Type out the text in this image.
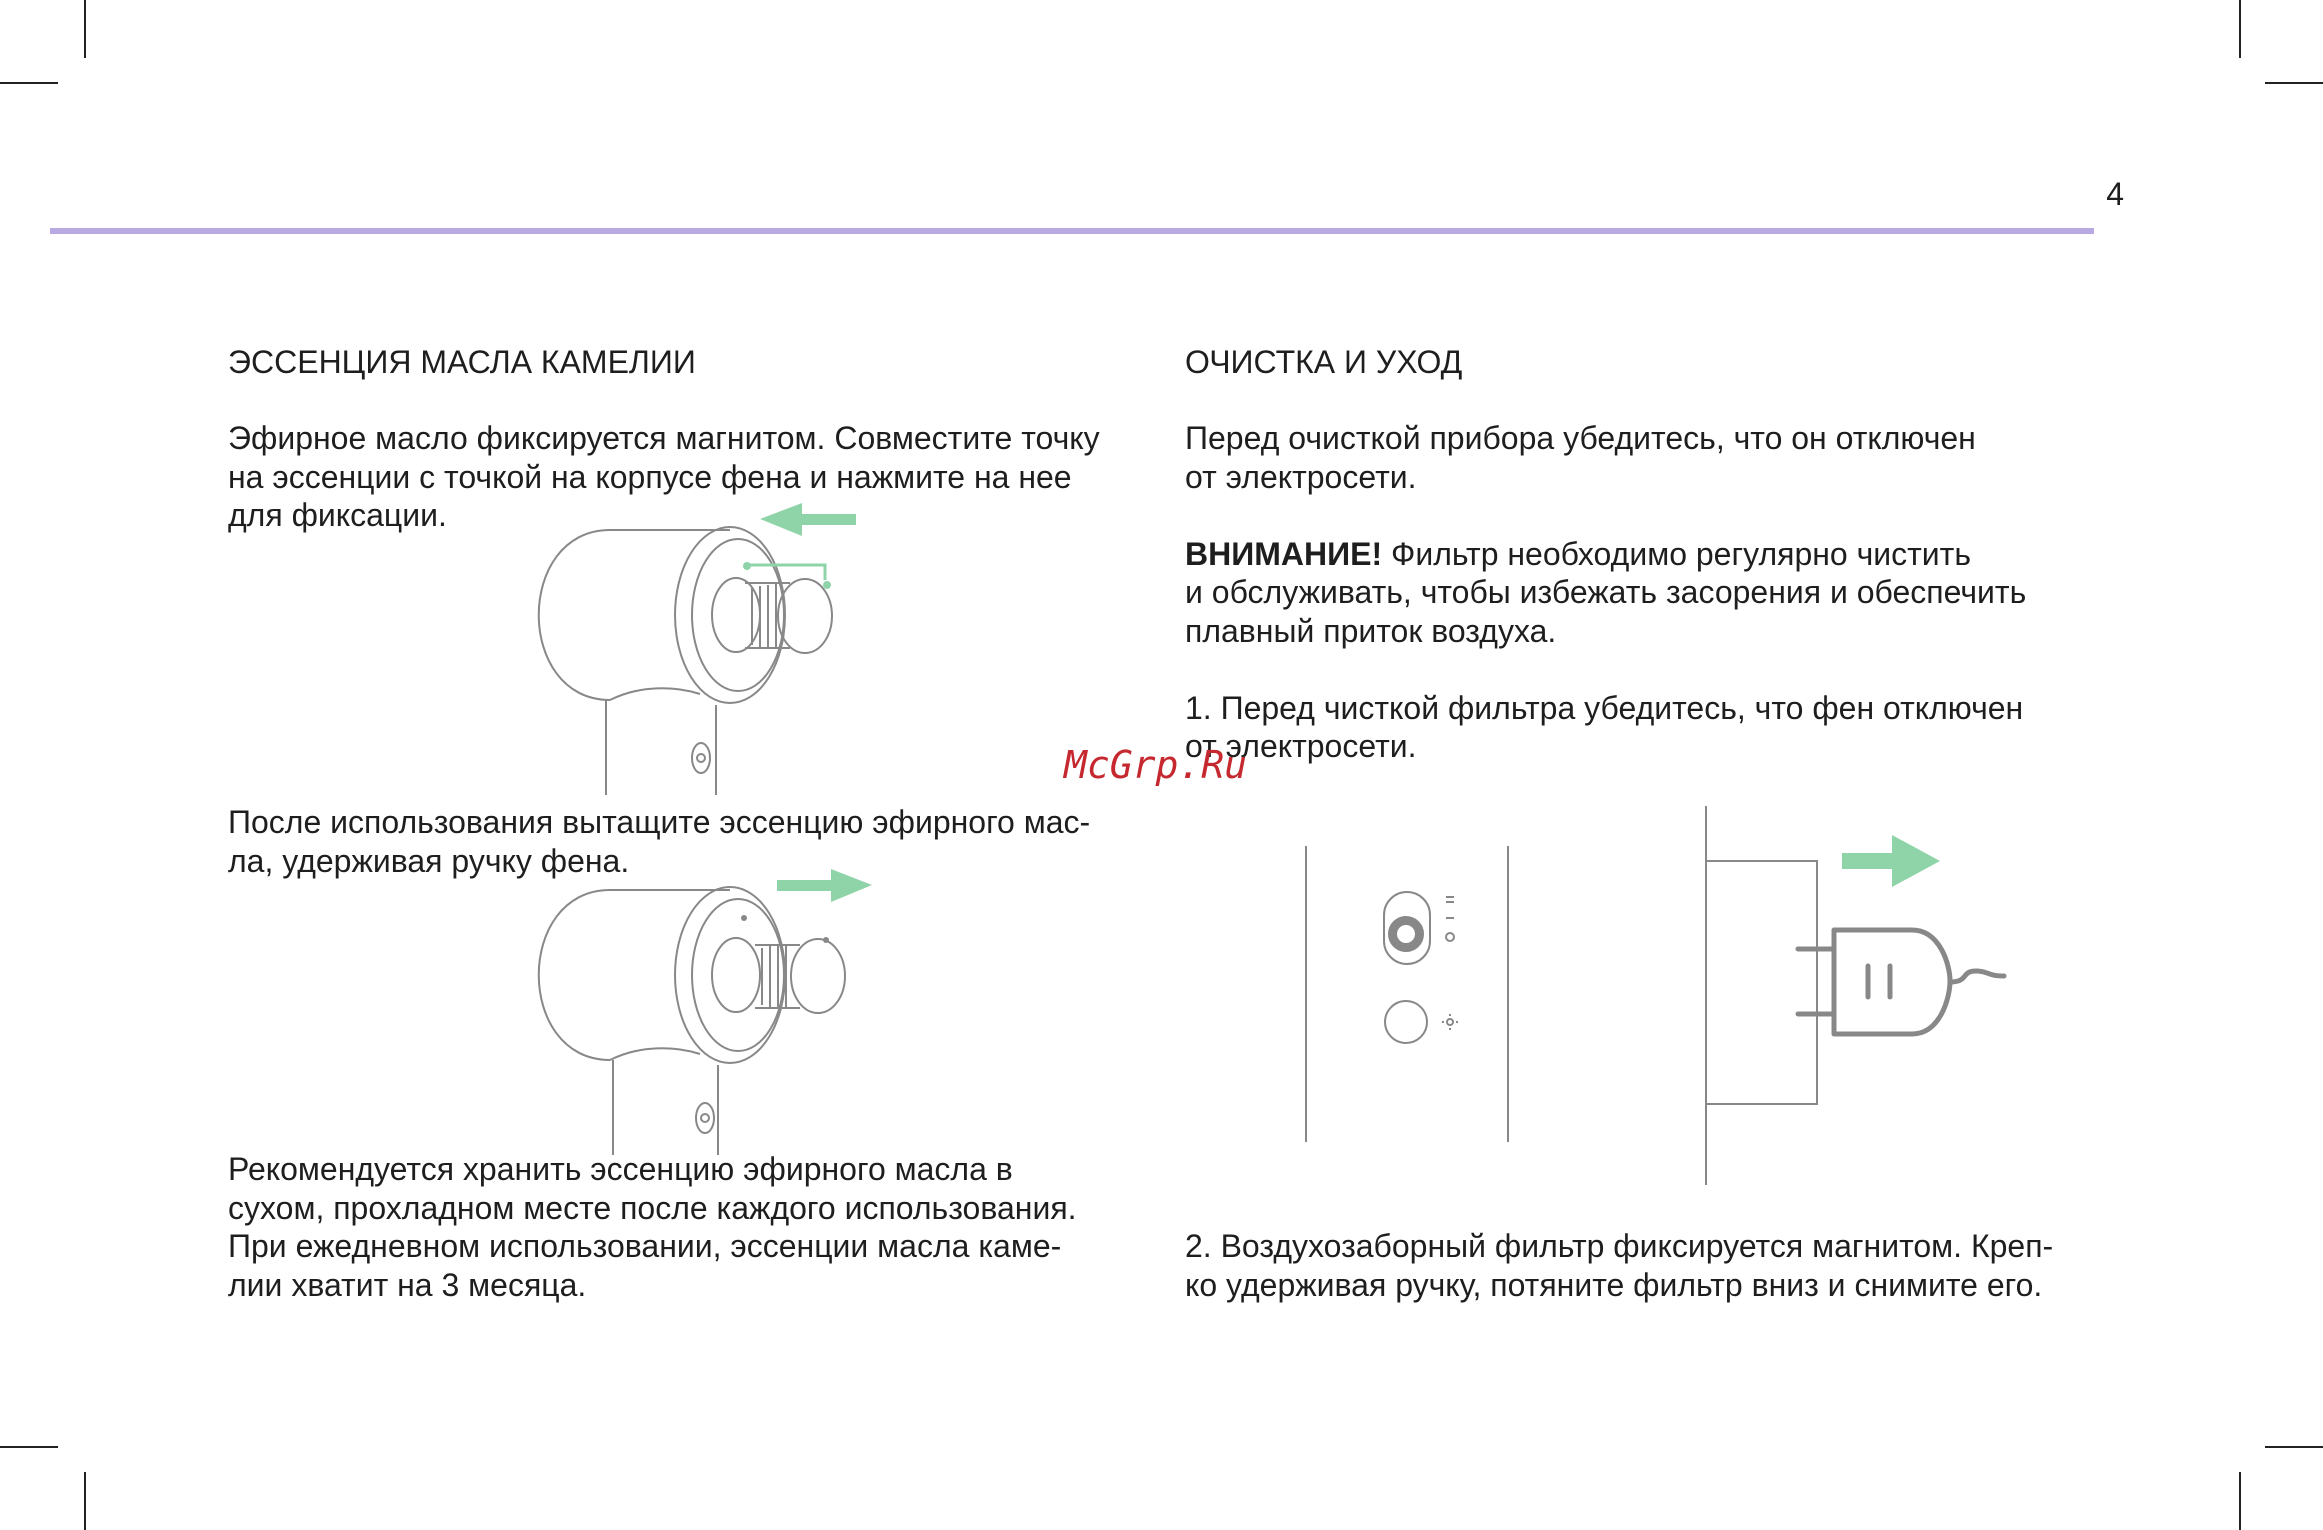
4
ЭССЕНЦИЯ МАСЛА КАМЕЛИИ
Эфирное масло фиксируется магнитом. Совместите точку
на эссенции с точкой на корпусе фена и нажмите на нее
для фиксации.
После использования вытащите эссенцию эфирного мас-
ла, удерживая ручку фена.
Рекомендуется хранить эссенцию эфирного масла в
сухом, прохладном месте после каждого использования.
При ежедневном использовании, эссенции масла каме-
лии хватит на 3 месяца.
ОЧИСТКА И УХОД
Перед очисткой прибора убедитесь, что он отключен
от электросети.
ВНИМАНИЕ! Фильтр необходимо регулярно чистить
и обслуживать, чтобы избежать засорения и обеспечить
плавный приток воздуха.
1. Перед чисткой фильтра убедитесь, что фен отключен
от электросети.
2. Воздухозаборный фильтр фиксируется магнитом. Креп-
ко удерживая ручку, потяните фильтр вниз и снимите его.
McGrp.Ru
